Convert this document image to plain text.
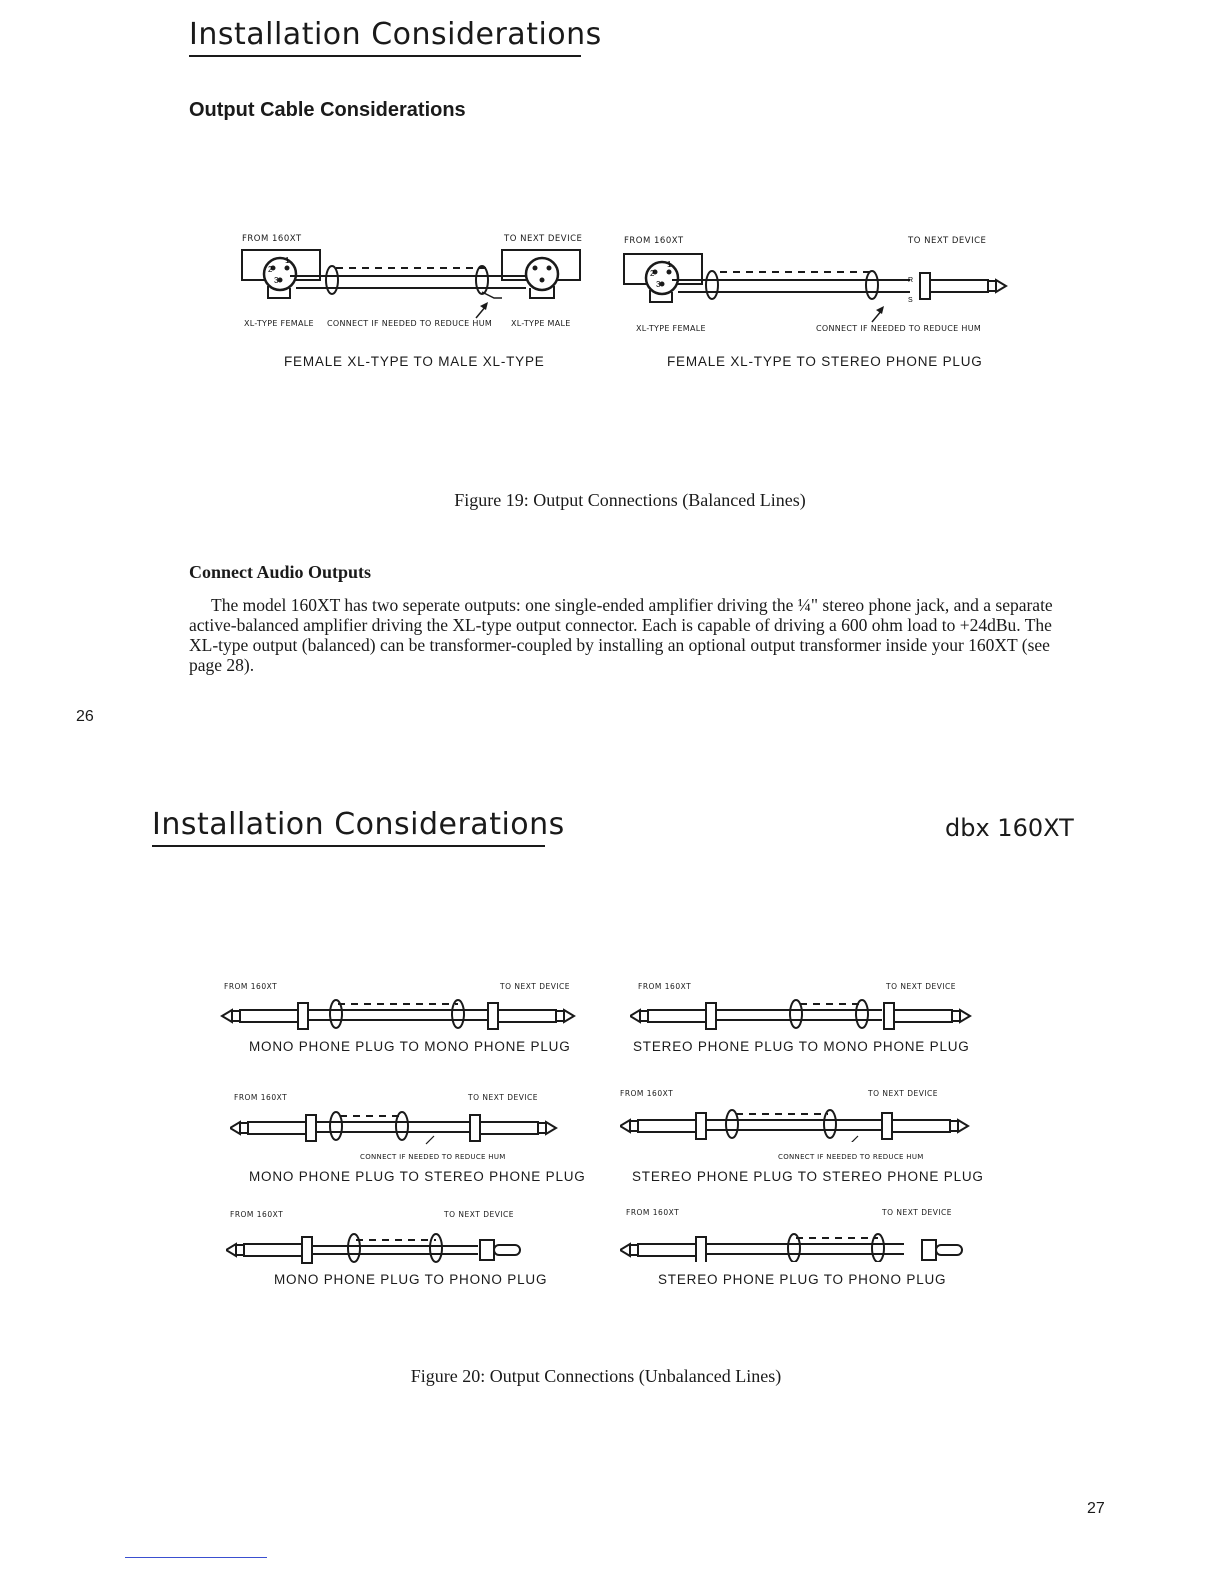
Installation Considerations
Output Cable Considerations
FROM 160XT	TO NEXT DEVICE
XL-TYPE FEMALE CONNECT IF NEEDED TO REDUCE HUM XL-TYPE MALE
FEMALE XL-TYPE TO MALE XL-TYPE
R
S
FROM 160XT	TO NEXT DEVICE
XL-TYPE FEMALE	CONNECT IF NEEDED TO REDUCE HUM
FEMALE XL-TYPE TO STEREO PHONE PLUG
Figure 19: Output Connections (Balanced Lines)
Connect Audio Outputs
The model 160XT has two seperate outputs: one single-ended amplifier driving the ¼" stereo phone jack, and a separate active-balanced amplifier driving the XL-type output connector. Each is capable of driving a 600 ohm load to +24dBu. The XL-type output (balanced) can be transformer-coupled by installing an optional output transformer inside your 160XT (see page 28).
26
Installation Considerations	dbx 160XT
FROM 160XT	TO NEXT DEVICE
MONO PHONE PLUG TO MONO PHONE PLUG
FROM 160XT	TO NEXT DEVICE
STEREO PHONE PLUG TO MONO PHONE PLUG
FROM 160XT	TO NEXT DEVICE
CONNECT IF NEEDED TO REDUCE HUM
MONO PHONE PLUG TO STEREO PHONE PLUG
FROM 160XT	TO NEXT DEVICE
CONNECT IF NEEDED TO REDUCE HUM
STEREO PHONE PLUG TO STEREO PHONE PLUG
FROM 160XT	TO NEXT DEVICE
MONO PHONE PLUG TO PHONO PLUG
FROM 160XT	TO NEXT DEVICE
STEREO PHONE PLUG TO PHONO PLUG
Figure 20: Output Connections (Unbalanced Lines)
27
